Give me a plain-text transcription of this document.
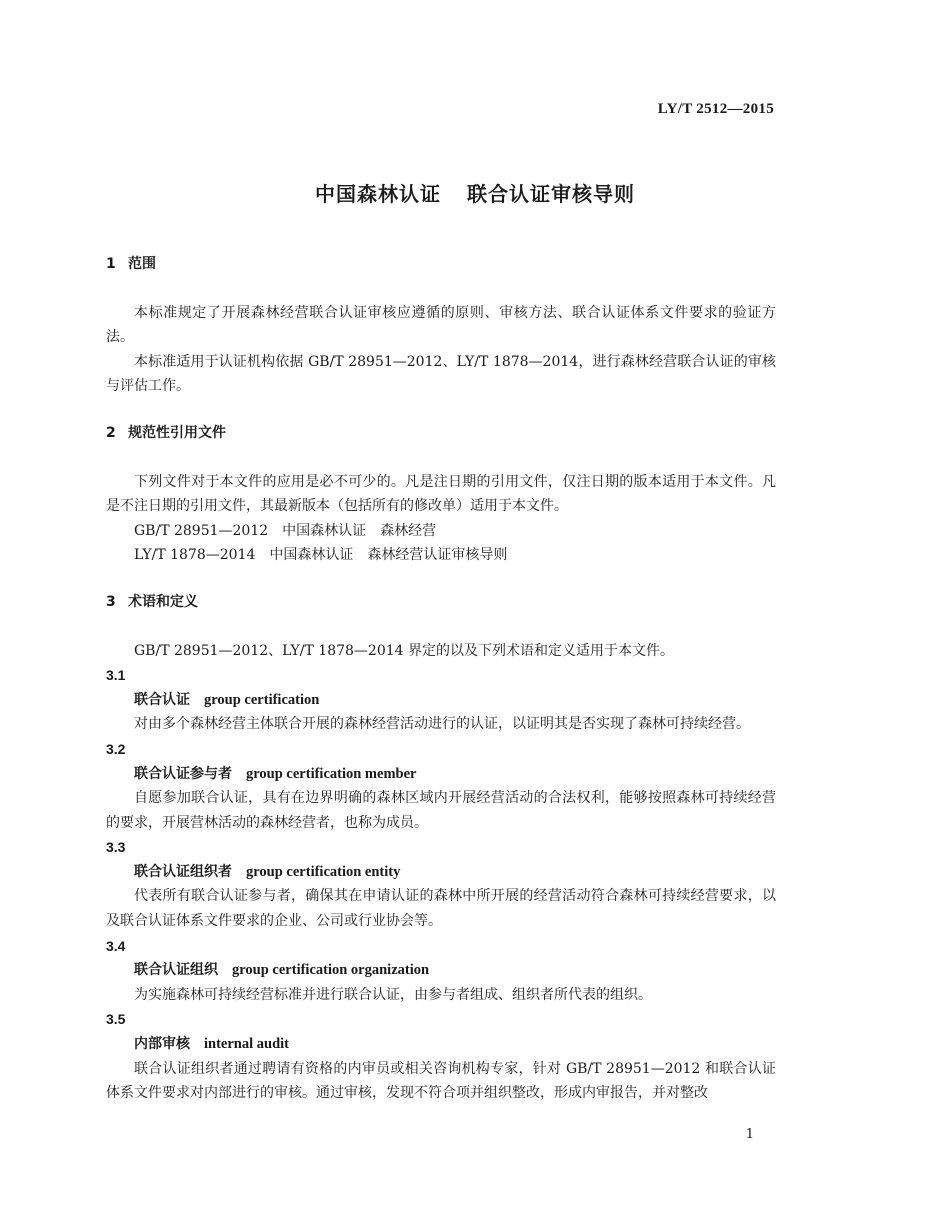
LY/T 2512—2015
中国森林认证 联合认证审核导则
1 范围

本标准规定了开展森林经营联合认证审核应遵循的原则、审核方法、联合认证体系文件要求的验证方法。

本标准适用于认证机构依据 GB/T 28951—2012、LY/T 1878—2014，进行森林经营联合认证的审核与评估工作。

2 规范性引用文件

下列文件对于本文件的应用是必不可少的。凡是注日期的引用文件，仅注日期的版本适用于本文件。凡是不注日期的引用文件，其最新版本（包括所有的修改单）适用于本文件。

GB/T 28951—2012 中国森林认证　森林经营
LY/T 1878—2014 中国森林认证　森林经营认证审核导则
3 术语和定义

GB/T 28951—2012、LY/T 1878—2014 界定的以及下列术语和定义适用于本文件。

3.1
联合认证 group certification

对由多个森林经营主体联合开展的森林经营活动进行的认证，以证明其是否实现了森林可持续经营。

3.2
联合认证参与者 group certification member

自愿参加联合认证，具有在边界明确的森林区域内开展经营活动的合法权利，能够按照森林可持续经营的要求，开展营林活动的森林经营者，也称为成员。

3.3
联合认证组织者 group certification entity

代表所有联合认证参与者，确保其在申请认证的森林中所开展的经营活动符合森林可持续经营要求，以及联合认证体系文件要求的企业、公司或行业协会等。

3.4
联合认证组织 group certification organization

为实施森林可持续经营标准并进行联合认证，由参与者组成、组织者所代表的组织。

3.5
内部审核 internal audit

联合认证组织者通过聘请有资格的内审员或相关咨询机构专家，针对 GB/T 28951—2012 和联合认证体系文件要求对内部进行的审核。通过审核，发现不符合项并组织整改，形成内审报告，并对整改

1
